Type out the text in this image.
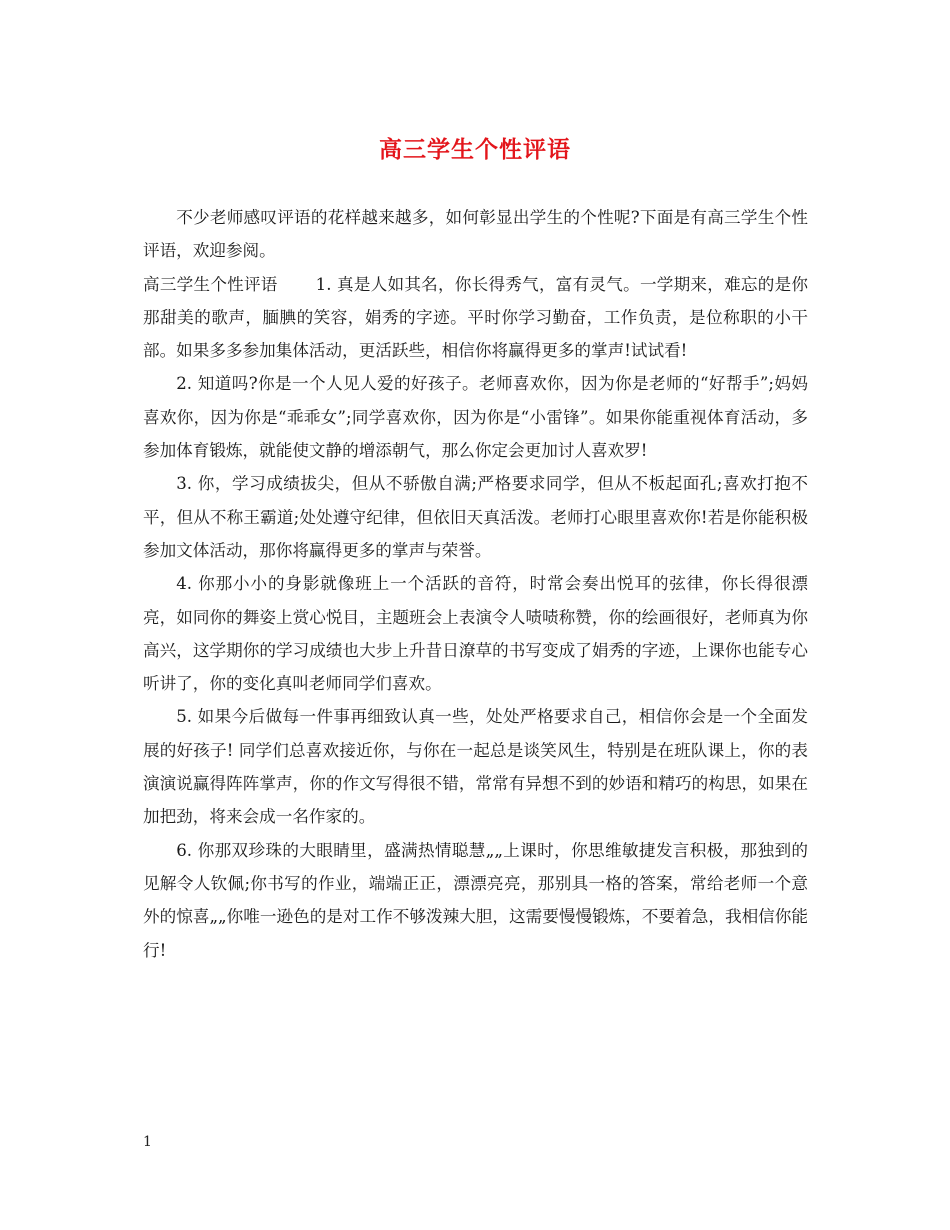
高三学生个性评语

不少老师感叹评语的花样越来越多，如何彰显出学生的个性呢?下面是有高三学生个性评语，欢迎参阅。

高三学生个性评语 1. 真是人如其名，你长得秀气，富有灵气。一学期来，难忘的是你那甜美的歌声，腼腆的笑容，娟秀的字迹。平时你学习勤奋，工作负责，是位称职的小干部。如果多多参加集体活动，更活跃些，相信你将赢得更多的掌声!试试看!

2. 知道吗?你是一个人见人爱的好孩子。老师喜欢你，因为你是老师的“好帮手”;妈妈喜欢你，因为你是“乖乖女”;同学喜欢你，因为你是“小雷锋”。如果你能重视体育活动，多参加体育锻炼，就能使文静的增添朝气，那么你定会更加讨人喜欢罗!

3. 你，学习成绩拔尖，但从不骄傲自满;严格要求同学，但从不板起面孔;喜欢打抱不平，但从不称王霸道;处处遵守纪律，但依旧天真活泼。老师打心眼里喜欢你!若是你能积极参加文体活动，那你将赢得更多的掌声与荣誉。

4. 你那小小的身影就像班上一个活跃的音符，时常会奏出悦耳的弦律，你长得很漂亮，如同你的舞姿上赏心悦目，主题班会上表演令人啧啧称赞，你的绘画很好，老师真为你高兴，这学期你的学习成绩也大步上升昔日潦草的书写变成了娟秀的字迹，上课你也能专心听讲了，你的变化真叫老师同学们喜欢。

5. 如果今后做每一件事再细致认真一些，处处严格要求自己，相信你会是一个全面发展的好孩子! 同学们总喜欢接近你，与你在一起总是谈笑风生，特别是在班队课上，你的表演演说赢得阵阵掌声，你的作文写得很不错，常常有异想不到的妙语和精巧的构思，如果在加把劲，将来会成一名作家的。

6. 你那双珍珠的大眼睛里，盛满热情聪慧„„上课时，你思维敏捷发言积极，那独到的见解令人钦佩;你书写的作业，端端正正，漂漂亮亮，那别具一格的答案，常给老师一个意外的惊喜„„你唯一逊色的是对工作不够泼辣大胆，这需要慢慢锻炼，不要着急，我相信你能行!

1
